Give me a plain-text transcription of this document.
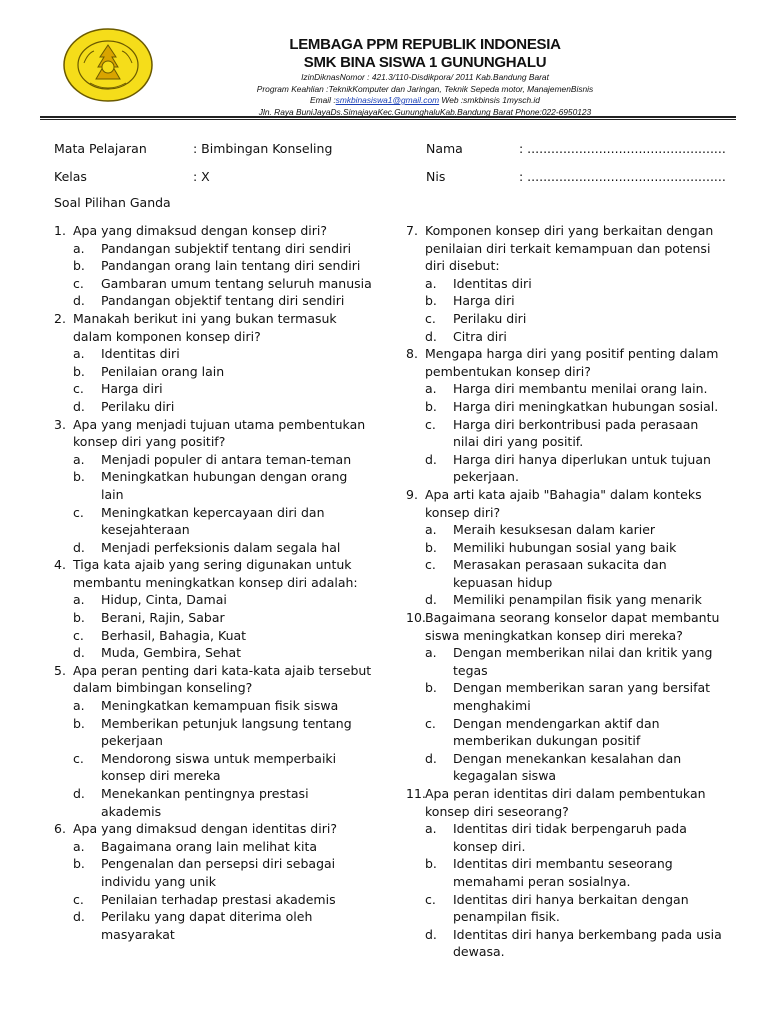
LEMBAGA PPM REPUBLIK INDONESIA
SMK BINA SISWA 1 GUNUNGHALU
IzinDiknasNomor : 421.3/110-Disdikpora/ 2011 Kab.Bandung Barat
Program Keahlian :TeknikKomputer dan Jaringan, Teknik Sepeda motor, ManajemenBisnis
Email :smkbinasiswa1@gmail.com Web :smkbinsis 1mysch.id
Jln. Raya BuniJayaDs.SimajayaKec.GununghaluKab.Bandung Barat Phone:022-6950123
Mata Pelajaran	: Bimbingan Konseling
Kelas	: X
Nama	: ..................................................
Nis	: ..................................................
Soal Pilihan Ganda
1. Apa yang dimaksud dengan konsep diri?
a. Pandangan subjektif tentang diri sendiri
b. Pandangan orang lain tentang diri sendiri
c. Gambaran umum tentang seluruh manusia
d. Pandangan objektif tentang diri sendiri
2. Manakah berikut ini yang bukan termasuk dalam komponen konsep diri?
a. Identitas diri
b. Penilaian orang lain
c. Harga diri
d. Perilaku diri
3. Apa yang menjadi tujuan utama pembentukan konsep diri yang positif?
a. Menjadi populer di antara teman-teman
b. Meningkatkan hubungan dengan orang lain
c. Meningkatkan kepercayaan diri dan kesejahteraan
d. Menjadi perfeksionis dalam segala hal
4. Tiga kata ajaib yang sering digunakan untuk membantu meningkatkan konsep diri adalah:
a. Hidup, Cinta, Damai
b. Berani, Rajin, Sabar
c. Berhasil, Bahagia, Kuat
d. Muda, Gembira, Sehat
5. Apa peran penting dari kata-kata ajaib tersebut dalam bimbingan konseling?
a. Meningkatkan kemampuan fisik siswa
b. Memberikan petunjuk langsung tentang pekerjaan
c. Mendorong siswa untuk memperbaiki konsep diri mereka
d. Menekankan pentingnya prestasi akademis
6. Apa yang dimaksud dengan identitas diri?
a. Bagaimana orang lain melihat kita
b. Pengenalan dan persepsi diri sebagai individu yang unik
c. Penilaian terhadap prestasi akademis
d. Perilaku yang dapat diterima oleh masyarakat
7. Komponen konsep diri yang berkaitan dengan penilaian diri terkait kemampuan dan potensi diri disebut:
a. Identitas diri
b. Harga diri
c. Perilaku diri
d. Citra diri
8. Mengapa harga diri yang positif penting dalam pembentukan konsep diri?
a. Harga diri membantu menilai orang lain.
b. Harga diri meningkatkan hubungan sosial.
c. Harga diri berkontribusi pada perasaan nilai diri yang positif.
d. Harga diri hanya diperlukan untuk tujuan pekerjaan.
9. Apa arti kata ajaib "Bahagia" dalam konteks konsep diri?
a. Meraih kesuksesan dalam karier
b. Memiliki hubungan sosial yang baik
c. Merasakan perasaan sukacita dan kepuasan hidup
d. Memiliki penampilan fisik yang menarik
10. Bagaimana seorang konselor dapat membantu siswa meningkatkan konsep diri mereka?
a. Dengan memberikan nilai dan kritik yang tegas
b. Dengan memberikan saran yang bersifat menghakimi
c. Dengan mendengarkan aktif dan memberikan dukungan positif
d. Dengan menekankan kesalahan dan kegagalan siswa
11. Apa peran identitas diri dalam pembentukan konsep diri seseorang?
a. Identitas diri tidak berpengaruh pada konsep diri.
b. Identitas diri membantu seseorang memahami peran sosialnya.
c. Identitas diri hanya berkaitan dengan penampilan fisik.
d. Identitas diri hanya berkembang pada usia dewasa.
